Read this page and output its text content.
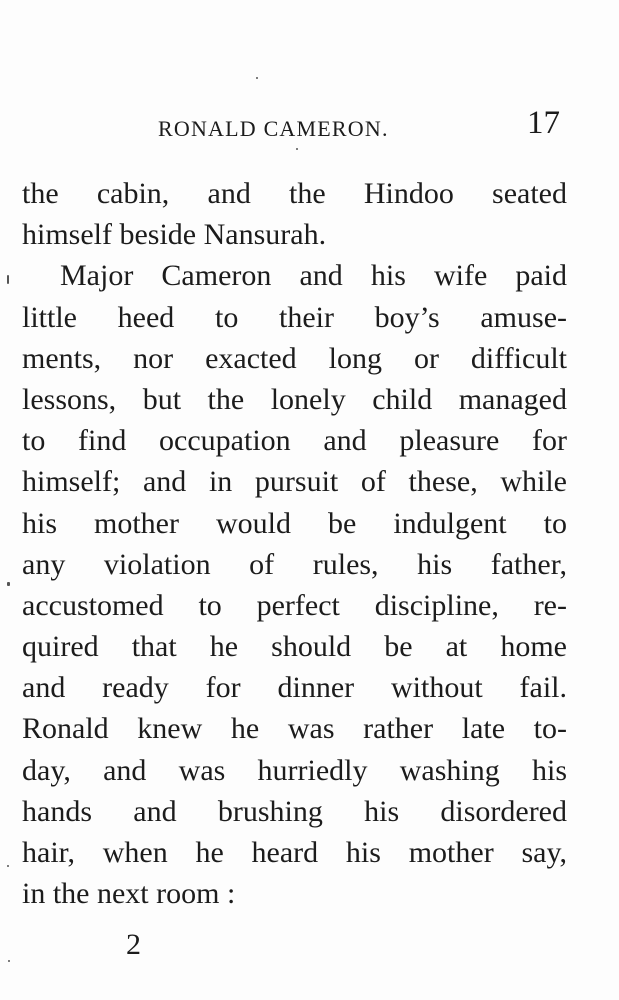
RONALD CAMERON.	17
the cabin, and the Hindoo seated
himself beside Nansurah.
Major Cameron and his wife paid
little heed to their boy’s amuse-
ments, nor exacted long or difficult
lessons, but the lonely child managed
to find occupation and pleasure for
himself; and in pursuit of these, while
his mother would be indulgent to
any violation of rules, his father,
accustomed to perfect discipline, re-
quired that he should be at home
and ready for dinner without fail.
Ronald knew he was rather late to-
day, and was hurriedly washing his
hands and brushing his disordered
hair, when he heard his mother say,
in the next room :
2
